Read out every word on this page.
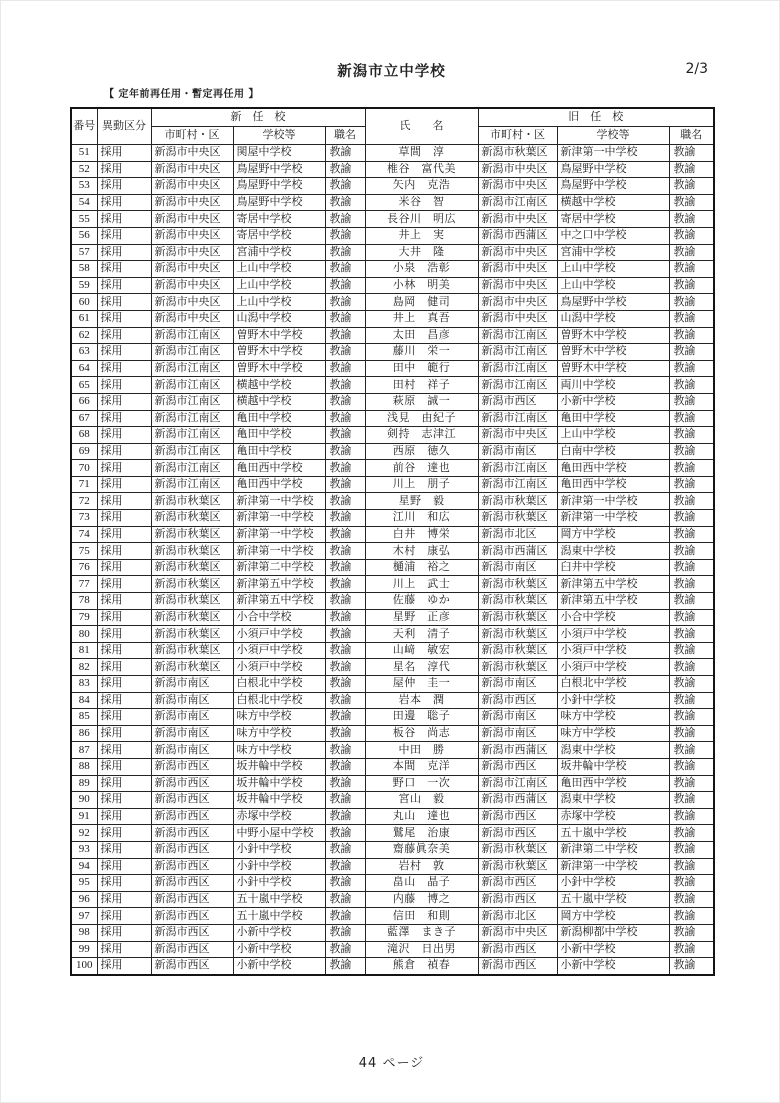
新潟市立中学校	2/3
【 定年前再任用・暫定再任用 】
番号	異動区分	新　任　校			氏　　名	旧　任　校		
		市町村・区	学校等	職名		市町村・区	学校等	職名
51	採用	新潟市中央区	関屋中学校	教諭	草間　淳	新潟市秋葉区	新津第一中学校	教諭
52	採用	新潟市中央区	鳥屋野中学校	教諭	椎谷　富代美	新潟市中央区	鳥屋野中学校	教諭
53	採用	新潟市中央区	鳥屋野中学校	教諭	矢内　克浩	新潟市中央区	鳥屋野中学校	教諭
54	採用	新潟市中央区	鳥屋野中学校	教諭	米谷　智	新潟市江南区	横越中学校	教諭
55	採用	新潟市中央区	寄居中学校	教諭	長谷川　明広	新潟市中央区	寄居中学校	教諭
56	採用	新潟市中央区	寄居中学校	教諭	井上　実	新潟市西蒲区	中之口中学校	教諭
57	採用	新潟市中央区	宮浦中学校	教諭	大井　隆	新潟市中央区	宮浦中学校	教諭
58	採用	新潟市中央区	上山中学校	教諭	小泉　浩彰	新潟市中央区	上山中学校	教諭
59	採用	新潟市中央区	上山中学校	教諭	小林　明美	新潟市中央区	上山中学校	教諭
60	採用	新潟市中央区	上山中学校	教諭	島岡　健司	新潟市中央区	鳥屋野中学校	教諭
61	採用	新潟市中央区	山潟中学校	教諭	井上　真吾	新潟市中央区	山潟中学校	教諭
62	採用	新潟市江南区	曽野木中学校	教諭	太田　昌彦	新潟市江南区	曽野木中学校	教諭
63	採用	新潟市江南区	曽野木中学校	教諭	藤川　栄一	新潟市江南区	曽野木中学校	教諭
64	採用	新潟市江南区	曽野木中学校	教諭	田中　範行	新潟市江南区	曽野木中学校	教諭
65	採用	新潟市江南区	横越中学校	教諭	田村　祥子	新潟市江南区	両川中学校	教諭
66	採用	新潟市江南区	横越中学校	教諭	萩原　誠一	新潟市西区	小新中学校	教諭
67	採用	新潟市江南区	亀田中学校	教諭	浅見　由紀子	新潟市江南区	亀田中学校	教諭
68	採用	新潟市江南区	亀田中学校	教諭	剣持　志津江	新潟市中央区	上山中学校	教諭
69	採用	新潟市江南区	亀田中学校	教諭	西原　徳久	新潟市南区	白南中学校	教諭
70	採用	新潟市江南区	亀田西中学校	教諭	前谷　達也	新潟市江南区	亀田西中学校	教諭
71	採用	新潟市江南区	亀田西中学校	教諭	川上　朋子	新潟市江南区	亀田西中学校	教諭
72	採用	新潟市秋葉区	新津第一中学校	教諭	星野　毅	新潟市秋葉区	新津第一中学校	教諭
73	採用	新潟市秋葉区	新津第一中学校	教諭	江川　和広	新潟市秋葉区	新津第一中学校	教諭
74	採用	新潟市秋葉区	新津第一中学校	教諭	白井　博栄	新潟市北区	岡方中学校	教諭
75	採用	新潟市秋葉区	新津第一中学校	教諭	木村　康弘	新潟市西蒲区	潟東中学校	教諭
76	採用	新潟市秋葉区	新津第二中学校	教諭	樋浦　裕之	新潟市南区	臼井中学校	教諭
77	採用	新潟市秋葉区	新津第五中学校	教諭	川上　武士	新潟市秋葉区	新津第五中学校	教諭
78	採用	新潟市秋葉区	新津第五中学校	教諭	佐藤　ゆか	新潟市秋葉区	新津第五中学校	教諭
79	採用	新潟市秋葉区	小合中学校	教諭	星野　正彦	新潟市秋葉区	小合中学校	教諭
80	採用	新潟市秋葉区	小須戸中学校	教諭	天利　清子	新潟市秋葉区	小須戸中学校	教諭
81	採用	新潟市秋葉区	小須戸中学校	教諭	山﨑　敏宏	新潟市秋葉区	小須戸中学校	教諭
82	採用	新潟市秋葉区	小須戸中学校	教諭	星名　淳代	新潟市秋葉区	小須戸中学校	教諭
83	採用	新潟市南区	白根北中学校	教諭	屋仲　圭一	新潟市南区	白根北中学校	教諭
84	採用	新潟市南区	白根北中学校	教諭	岩本　潤	新潟市西区	小針中学校	教諭
85	採用	新潟市南区	味方中学校	教諭	田邊　聡子	新潟市南区	味方中学校	教諭
86	採用	新潟市南区	味方中学校	教諭	板谷　尚志	新潟市南区	味方中学校	教諭
87	採用	新潟市南区	味方中学校	教諭	中田　勝	新潟市西蒲区	潟東中学校	教諭
88	採用	新潟市西区	坂井輪中学校	教諭	本間　克洋	新潟市西区	坂井輪中学校	教諭
89	採用	新潟市西区	坂井輪中学校	教諭	野口　一次	新潟市江南区	亀田西中学校	教諭
90	採用	新潟市西区	坂井輪中学校	教諭	宮山　毅	新潟市西蒲区	潟東中学校	教諭
91	採用	新潟市西区	赤塚中学校	教諭	丸山　達也	新潟市西区	赤塚中学校	教諭
92	採用	新潟市西区	中野小屋中学校	教諭	鷲尾　治康	新潟市西区	五十嵐中学校	教諭
93	採用	新潟市西区	小針中学校	教諭	齋藤眞奈美	新潟市秋葉区	新津第二中学校	教諭
94	採用	新潟市西区	小針中学校	教諭	岩村　敦	新潟市秋葉区	新津第一中学校	教諭
95	採用	新潟市西区	小針中学校	教諭	畠山　晶子	新潟市西区	小針中学校	教諭
96	採用	新潟市西区	五十嵐中学校	教諭	内藤　博之	新潟市西区	五十嵐中学校	教諭
97	採用	新潟市西区	五十嵐中学校	教諭	信田　和則	新潟市北区	岡方中学校	教諭
98	採用	新潟市西区	小新中学校	教諭	藍澤　まき子	新潟市中央区	新潟柳都中学校	教諭
99	採用	新潟市西区	小新中学校	教諭	滝沢　日出男	新潟市西区	小新中学校	教諭
100	採用	新潟市西区	小新中学校	教諭	熊倉　禎春	新潟市西区	小新中学校	教諭
44 ページ
